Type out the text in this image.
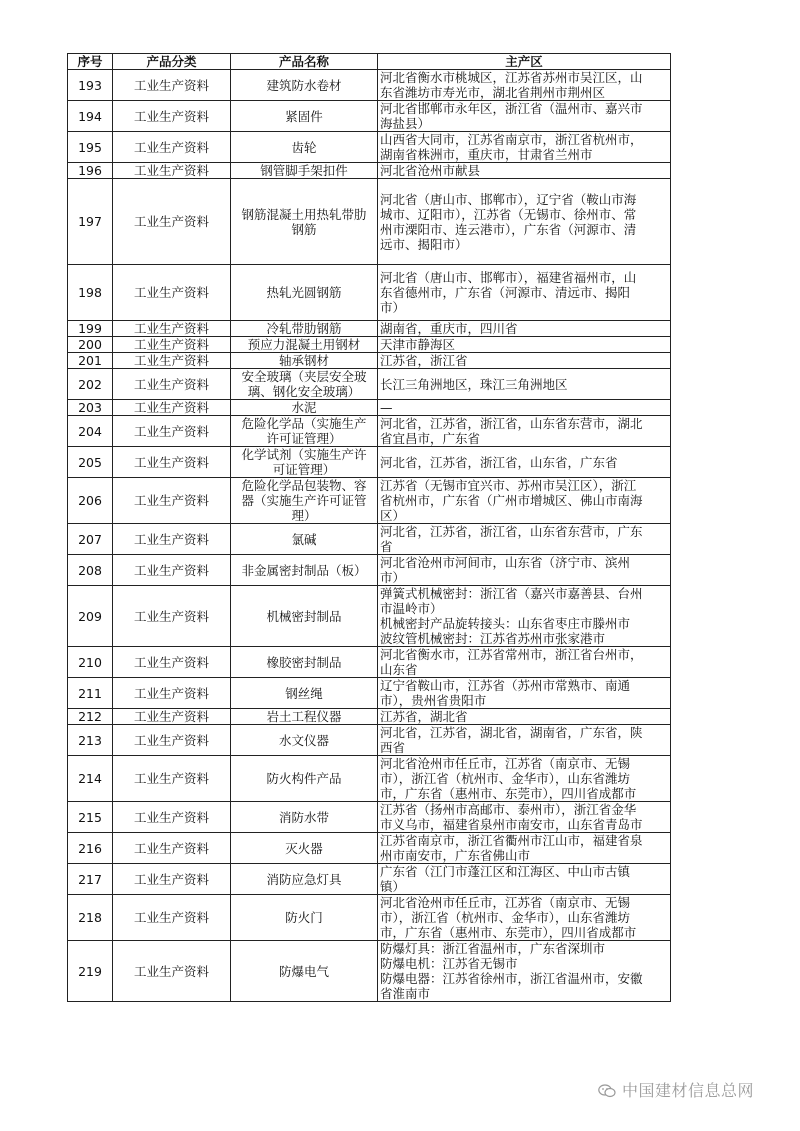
序号	产品分类	产品名称	主产区
193	工业生产资料	建筑防水卷材	河北省衡水市桃城区，江苏省苏州市吴江区，山
东省潍坊市寿光市，湖北省荆州市荆州区
194	工业生产资料	紧固件	河北省邯郸市永年区，浙江省（温州市、嘉兴市
海盐县）
195	工业生产资料	齿轮	山西省大同市，江苏省南京市，浙江省杭州市，
湖南省株洲市，重庆市，甘肃省兰州市
196	工业生产资料	钢管脚手架扣件	河北省沧州市献县
197	工业生产资料	钢筋混凝土用热轧带肋
钢筋	河北省（唐山市、邯郸市），辽宁省（鞍山市海
城市、辽阳市），江苏省（无锡市、徐州市、常
州市溧阳市、连云港市），广东省（河源市、清
远市、揭阳市）
198	工业生产资料	热轧光圆钢筋	河北省（唐山市、邯郸市），福建省福州市，山
东省德州市，广东省（河源市、清远市、揭阳
市）
199	工业生产资料	冷轧带肋钢筋	湖南省，重庆市，四川省
200	工业生产资料	预应力混凝土用钢材	天津市静海区
201	工业生产资料	轴承钢材	江苏省，浙江省
202	工业生产资料	安全玻璃（夹层安全玻
璃、钢化安全玻璃）	长江三角洲地区，珠江三角洲地区
203	工业生产资料	水泥	—
204	工业生产资料	危险化学品（实施生产
许可证管理）	河北省，江苏省，浙江省，山东省东营市，湖北
省宜昌市，广东省
205	工业生产资料	化学试剂（实施生产许
可证管理）	河北省，江苏省，浙江省，山东省，广东省
206	工业生产资料	危险化学品包装物、容
器（实施生产许可证管
理）	江苏省（无锡市宜兴市、苏州市吴江区），浙江
省杭州市，广东省（广州市增城区、佛山市南海
区）
207	工业生产资料	氯碱	河北省，江苏省，浙江省，山东省东营市，广东
省
208	工业生产资料	非金属密封制品（板）	河北省沧州市河间市，山东省（济宁市、滨州
市）
209	工业生产资料	机械密封制品	弹簧式机械密封：浙江省（嘉兴市嘉善县、台州
市温岭市）
机械密封产品旋转接头：山东省枣庄市滕州市
波纹管机械密封：江苏省苏州市张家港市
210	工业生产资料	橡胶密封制品	河北省衡水市，江苏省常州市，浙江省台州市，
山东省
211	工业生产资料	钢丝绳	辽宁省鞍山市，江苏省（苏州市常熟市、南通
市），贵州省贵阳市
212	工业生产资料	岩土工程仪器	江苏省，湖北省
213	工业生产资料	水文仪器	河北省，江苏省，湖北省，湖南省，广东省，陕
西省
214	工业生产资料	防火构件产品	河北省沧州市任丘市，江苏省（南京市、无锡
市），浙江省（杭州市、金华市），山东省潍坊
市，广东省（惠州市、东莞市），四川省成都市
215	工业生产资料	消防水带	江苏省（扬州市高邮市、泰州市），浙江省金华
市义乌市，福建省泉州市南安市，山东省青岛市
216	工业生产资料	灭火器	江苏省南京市，浙江省衢州市江山市，福建省泉
州市南安市，广东省佛山市
217	工业生产资料	消防应急灯具	广东省（江门市蓬江区和江海区、中山市古镇
镇）
218	工业生产资料	防火门	河北省沧州市任丘市，江苏省（南京市、无锡
市），浙江省（杭州市、金华市），山东省潍坊
市，广东省（惠州市、东莞市），四川省成都市
219	工业生产资料	防爆电气	防爆灯具：浙江省温州市，广东省深圳市
防爆电机：江苏省无锡市
防爆电器：江苏省徐州市，浙江省温州市，安徽
省淮南市
中国建材信息总网
